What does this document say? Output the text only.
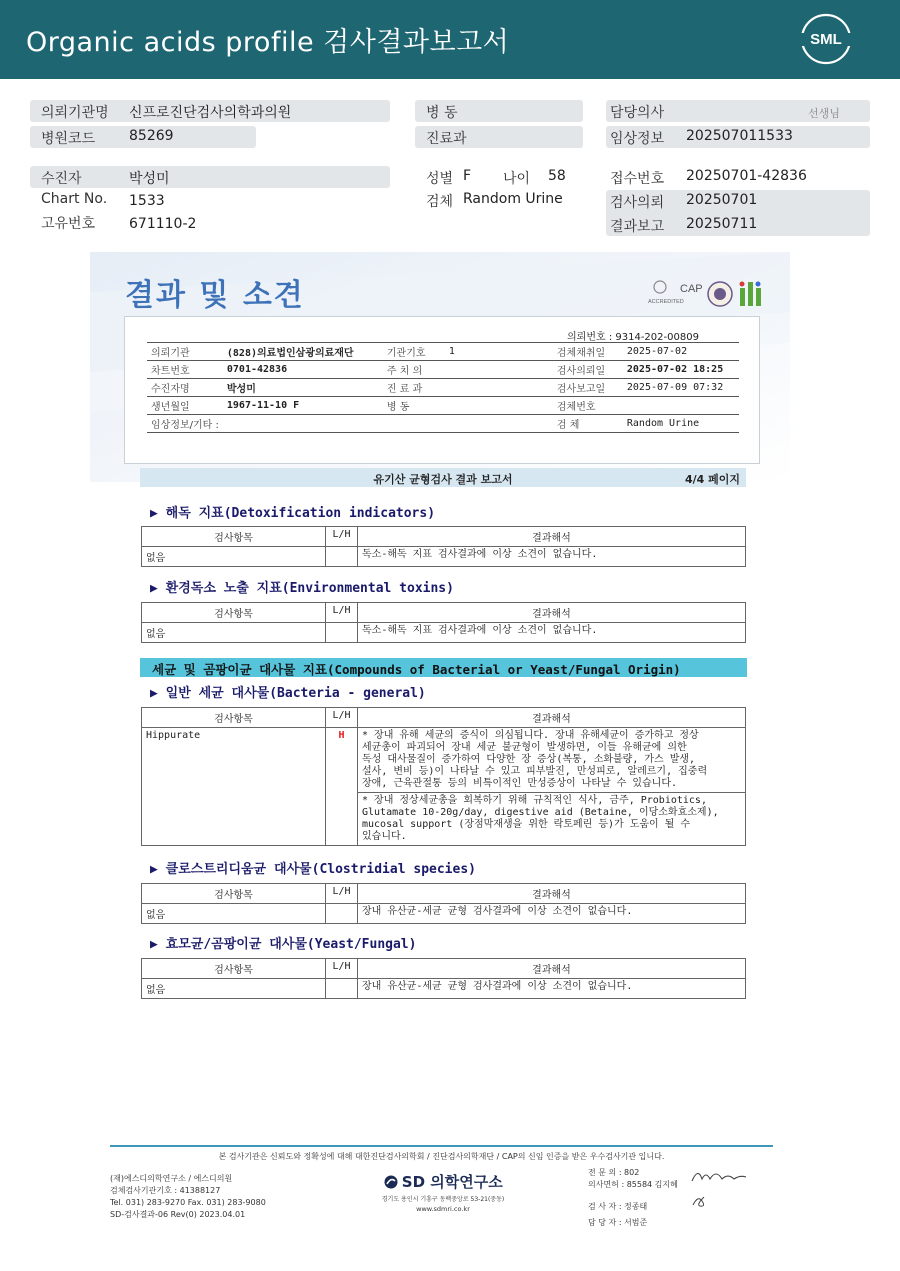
Organic acids profile 검사결과보고서	SML
의뢰기관명 신프로진단검사의학과의원	병 동	담당의사	선생님
병원코드 85269	진료과	임상정보 202507011533
수진자	박성미	성별 F 나이 58	접수번호 20250701-42836
Chart No. 1533	검체 Random Urine	검사의뢰 20250701
고유번호 671110-2	결과보고 20250711
결과 및 소견	CAP
ACCREDITED
의뢰번호 : 9314-202-00809
의뢰기관	(828)의료법인삼광의료재단	기관기호	1	검체채취일	2025-07-02
차트번호	0701-42836	주 치 의		검사의뢰일	2025-07-02 18:25
수진자명	박성미	진 료 과		검사보고일	2025-07-09 07:32
생년월일	1967-11-10 F	병 동		검체번호	
임상정보/기타 :				검 체	Random Urine
유기산 균형검사 결과 보고서	4/4 페이지
▶ 해독 지표(Detoxification indicators)
검사항목	L/H	결과해석
없음		독소-해독 지표 검사결과에 이상 소견이 없습니다.
▶ 환경독소 노출 지표(Environmental toxins)
검사항목	L/H	결과해석
없음		독소-해독 지표 검사결과에 이상 소견이 없습니다.
세균 및 곰팡이균 대사물 지표(Compounds of Bacterial or Yeast/Fungal Origin)
▶ 일반 세균 대사물(Bacteria - general)
검사항목	L/H	결과해석
Hippurate	H	* 장내 유해 세균의 증식이 의심됩니다. 장내 유해세균이 증가하고 정상
세균총이 파괴되어 장내 세균 불균형이 발생하면, 이들 유해균에 의한
독성 대사물질이 증가하여 다양한 장 증상(복통, 소화불량, 가스 발생,
설사, 변비 등)이 나타날 수 있고 피부발진, 만성피로, 알레르기, 집중력
장애, 근육관절통 등의 비특이적인 만성증상이 나타날 수 있습니다.

		* 장내 정상세균총을 회복하기 위해 규칙적인 식사, 금주, Probiotics,
Glutamate 10-20g/day, digestive aid (Betaine, 이당소화효소제),
mucosal support (장점막재생을 위한 락토페린 등)가 도움이 될 수
있습니다.
▶ 클로스트리디움균 대사물(Clostridial species)
검사항목	L/H	결과해석
없음		장내 유산균-세균 균형 검사결과에 이상 소견이 없습니다.
▶ 효모균/곰팡이균 대사물(Yeast/Fungal)
검사항목	L/H	결과해석
없음		장내 유산균-세균 균형 검사결과에 이상 소견이 없습니다.
본 검사기관은 신뢰도와 정확성에 대해 대한진단검사의학회 / 진단검사의학재단 / CAP의 신임 인증을 받은 우수검사기관 입니다.
(재)에스디의학연구소 / 에스디의원
검체검사기관기호 : 41388127
Tel. 031) 283-9270 Fax. 031) 283-9080
SD-검사결과-06 Rev(0) 2023.04.01
SD 의학연구소
경기도 용인시 기흥구 동백중앙로 53-21(중동)
www.sdmri.co.kr
전 문 의 : 802
의사면허 : 85584 김지혜
검 사 자 : 정종태
담 당 자 : 서범준
